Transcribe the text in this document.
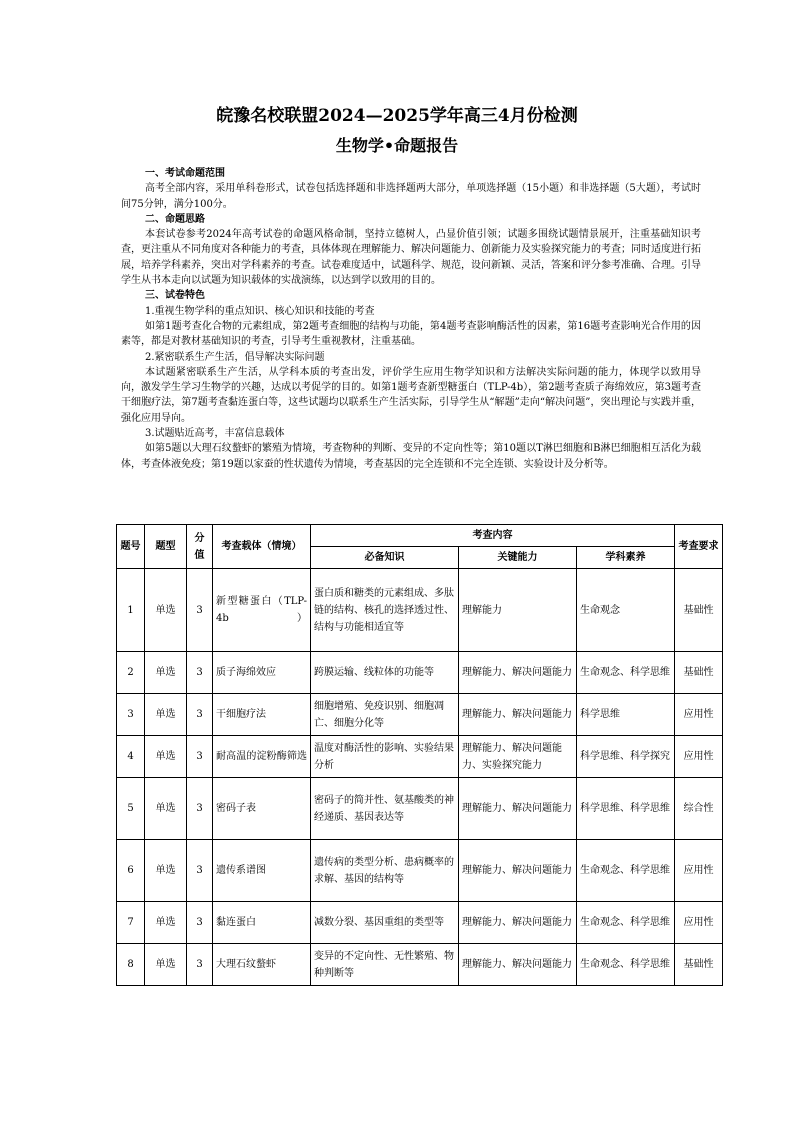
皖豫名校联盟2024—2025学年高三4月份检测
生物学•命题报告
一、考试命题范围

高考全部内容，采用单科卷形式，试卷包括选择题和非选择题两大部分，单项选择题（15小题）和非选择题（5大题），考试时间75分钟，满分100分。

二、命题思路

本套试卷参考2024年高考试卷的命题风格命制，坚持立德树人，凸显价值引领；试题多围绕试题情景展开，注重基础知识考查，更注重从不同角度对各种能力的考查，具体体现在理解能力、解决问题能力、创新能力及实验探究能力的考查；同时适度进行拓展，培养学科素养，突出对学科素养的考查。试卷难度适中，试题科学、规范，设问新颖、灵活，答案和评分参考准确、合理。引导学生从书本走向以试题为知识载体的实战演练，以达到学以致用的目的。

三、试卷特色

1.重视生物学科的重点知识、核心知识和技能的考查

如第1题考查化合物的元素组成，第2题考查细胞的结构与功能，第4题考查影响酶活性的因素，第16题考查影响光合作用的因素等，都是对教材基础知识的考查，引导考生重视教材，注重基础。

2.紧密联系生产生活，倡导解决实际问题

本试题紧密联系生产生活，从学科本质的考查出发，评价学生应用生物学知识和方法解决实际问题的能力，体现学以致用导向，激发学生学习生物学的兴趣，达成以考促学的目的。如第1题考查新型糖蛋白（TLP-4b），第2题考查质子海绵效应，第3题考查干细胞疗法，第7题考查黏连蛋白等，这些试题均以联系生产生活实际，引导学生从“解题”走向“解决问题”，突出理论与实践并重，强化应用导向。

3.试题贴近高考，丰富信息载体

如第5题以大理石纹螯虾的繁殖为情境，考查物种的判断、变异的不定向性等；第10题以T淋巴细胞和B淋巴细胞相互活化为载体，考查体液免疫；第19题以家蚕的性状遗传为情境，考查基因的完全连锁和不完全连锁、实验设计及分析等。

题号	题型	分值	考查载体（情境）	考查内容			考查要求
				必备知识	关键能力	学科素养	
1	单选	3	新型糖蛋白（TLP-4b）	蛋白质和糖类的元素组成、多肽链的结构、核孔的选择透过性、结构与功能相适宜等	理解能力	生命观念	基础性
2	单选	3	质子海绵效应	跨膜运输、线粒体的功能等	理解能力、解决问题能力	生命观念、科学思维	基础性
3	单选	3	干细胞疗法	细胞增殖、免疫识别、细胞凋亡、细胞分化等	理解能力、解决问题能力	科学思维	应用性
4	单选	3	耐高温的淀粉酶筛选	温度对酶活性的影响、实验结果分析	理解能力、解决问题能力、实验探究能力	科学思维、科学探究	应用性
5	单选	3	密码子表	密码子的简并性、氨基酸类的神经递质、基因表达等	理解能力、解决问题能力	科学思维、科学思维	综合性
6	单选	3	遗传系谱图	遗传病的类型分析、患病概率的求解、基因的结构等	理解能力、解决问题能力	生命观念、科学思维	应用性
7	单选	3	黏连蛋白	减数分裂、基因重组的类型等	理解能力、解决问题能力	生命观念、科学思维	应用性
8	单选	3	大理石纹螯虾	变异的不定向性、无性繁殖、物种判断等	理解能力、解决问题能力	生命观念、科学思维	基础性
